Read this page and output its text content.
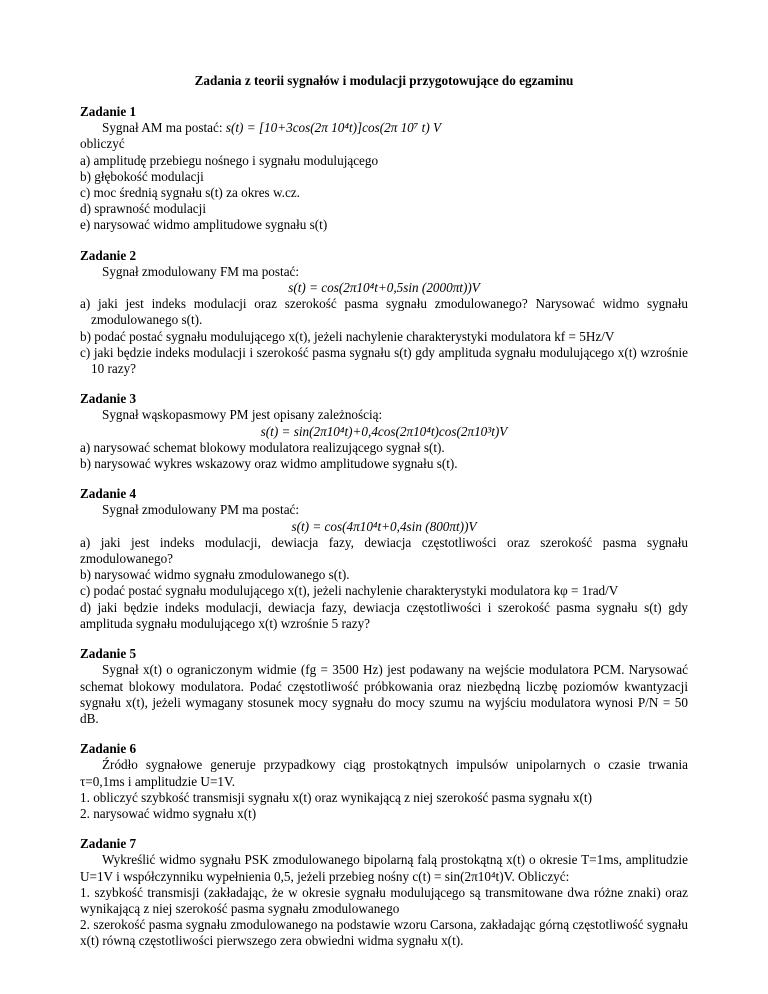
Zadania z teorii sygnałów i modulacji przygotowujące do egzaminu
Zadanie 1
Sygnał AM ma postać: s(t) = [10+3cos(2π 10⁴t)]cos(2π 10⁷ t) V
obliczyć
a) amplitudę przebiegu nośnego i sygnału modulującego
b) głębokość modulacji
c) moc średnią sygnału s(t) za okres w.cz.
d) sprawność modulacji
e) narysować widmo amplitudowe sygnału s(t)
Zadanie 2
Sygnał zmodulowany FM ma postać:
s(t) = cos(2π10⁴t+0,5sin (2000πt))V
a) jaki jest indeks modulacji oraz szerokość pasma sygnału zmodulowanego? Narysować widmo sygnału zmodulowanego s(t).
b) podać postać sygnału modulującego x(t), jeżeli nachylenie charakterystyki modulatora kf = 5Hz/V
c) jaki będzie indeks modulacji i szerokość pasma sygnału s(t) gdy amplituda sygnału modulującego x(t) wzrośnie 10 razy?
Zadanie 3
Sygnał wąskopasmowy PM jest opisany zależnością:
s(t) = sin(2π10⁴t)+0,4cos(2π10⁴t)cos(2π10³t)V
a) narysować schemat blokowy modulatora realizującego sygnał s(t).
b) narysować wykres wskazowy oraz widmo amplitudowe sygnału s(t).
Zadanie 4
Sygnał zmodulowany PM ma postać:
s(t) = cos(4π10⁴t+0,4sin (800πt))V
a) jaki jest indeks modulacji, dewiacja fazy, dewiacja częstotliwości oraz szerokość pasma sygnału zmodulowanego?
b) narysować widmo sygnału zmodulowanego s(t).
c) podać postać sygnału modulującego x(t), jeżeli nachylenie charakterystyki modulatora kφ = 1rad/V
d) jaki będzie indeks modulacji, dewiacja fazy, dewiacja częstotliwości i szerokość pasma sygnału s(t) gdy amplituda sygnału modulującego x(t) wzrośnie 5 razy?
Zadanie 5
Sygnał x(t) o ograniczonym widmie (fg = 3500 Hz) jest podawany na wejście modulatora PCM. Narysować schemat blokowy modulatora. Podać częstotliwość próbkowania oraz niezbędną liczbę poziomów kwantyzacji sygnału x(t), jeżeli wymagany stosunek mocy sygnału do mocy szumu na wyjściu modulatora wynosi P/N = 50 dB.
Zadanie 6
Źródło sygnałowe generuje przypadkowy ciąg prostokątnych impulsów unipolarnych o czasie trwania τ=0,1ms i amplitudzie U=1V.
1. obliczyć szybkość transmisji sygnału x(t) oraz wynikającą z niej szerokość pasma sygnału x(t)
2. narysować widmo sygnału x(t)
Zadanie 7
Wykreślić widmo sygnału PSK zmodulowanego bipolarną falą prostokątną x(t) o okresie T=1ms, amplitudzie U=1V i współczynniku wypełnienia 0,5, jeżeli przebieg nośny c(t) = sin(2π10⁴t)V. Obliczyć:
1. szybkość transmisji (zakładając, że w okresie sygnału modulującego są transmitowane dwa różne znaki) oraz wynikającą z niej szerokość pasma sygnału zmodulowanego
2. szerokość pasma sygnału zmodulowanego na podstawie wzoru Carsona, zakładając górną częstotliwość sygnału x(t) równą częstotliwości pierwszego zera obwiedni widma sygnału x(t).
